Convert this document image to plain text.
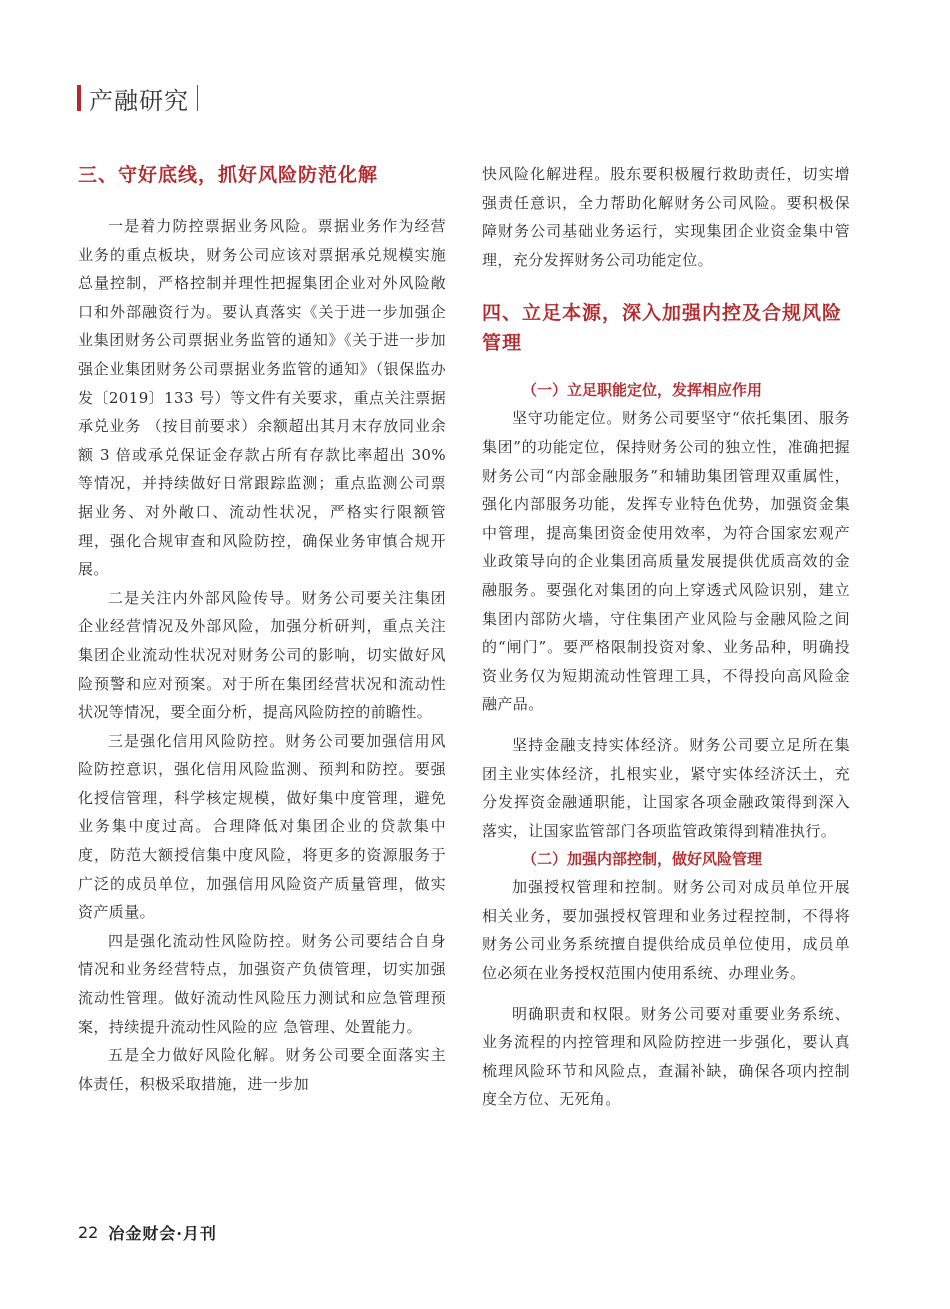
产融研究
三、守好底线，抓好风险防范化解

一是着力防控票据业务风险。票据业务作为经营业务的重点板块，财务公司应该对票据承兑规模实施总量控制，严格控制并理性把握集团企业对外风险敞口和外部融资行为。要认真落实《关于进一步加强企业集团财务公司票据业务监管的通知》《关于进一步加强企业集团财务公司票据业务监管的通知》（银保监办发〔2019〕133 号）等文件有关要求，重点关注票据承兑业务 （按目前要求）余额超出其月末存放同业余额 3 倍或承兑保证金存款占所有存款比率超出 30% 等情况，并持续做好日常跟踪监测；重点监测公司票据业务、对外敞口、流动性状况，严格实行限额管理，强化合规审查和风险防控，确保业务审慎合规开展。

二是关注内外部风险传导。财务公司要关注集团企业经营情况及外部风险，加强分析研判，重点关注集团企业流动性状况对财务公司的影响，切实做好风险预警和应对预案。对于所在集团经营状况和流动性状况等情况，要全面分析，提高风险防控的前瞻性。

三是强化信用风险防控。财务公司要加强信用风险防控意识，强化信用风险监测、预判和防控。要强化授信管理，科学核定规模，做好集中度管理，避免业务集中度过高。合理降低对集团企业的贷款集中度，防范大额授信集中度风险，将更多的资源服务于广泛的成员单位，加强信用风险资产质量管理，做实资产质量。

四是强化流动性风险防控。财务公司要结合自身情况和业务经营特点，加强资产负债管理，切实加强流动性管理。做好流动性风险压力测试和应急管理预案，持续提升流动性风险的应 急管理、处置能力。

五是全力做好风险化解。财务公司要全面落实主体责任，积极采取措施，进一步加

快风险化解进程。股东要积极履行救助责任，切实增强责任意识，全力帮助化解财务公司风险。要积极保障财务公司基础业务运行，实现集团企业资金集中管理，充分发挥财务公司功能定位。

四、立足本源，深入加强内控及合规风险管理
（一）立足职能定位，发挥相应作用

坚守功能定位。财务公司要坚守“依托集团、服务集团”的功能定位，保持财务公司的独立性，准确把握财务公司“内部金融服务”和辅助集团管理双重属性，强化内部服务功能，发挥专业特色优势，加强资金集中管理，提高集团资金使用效率，为符合国家宏观产业政策导向的企业集团高质量发展提供优质高效的金融服务。要强化对集团的向上穿透式风险识别，建立集团内部防火墙，守住集团产业风险与金融风险之间的“闸门”。要严格限制投资对象、业务品种，明确投资业务仅为短期流动性管理工具，不得投向高风险金融产品。

坚持金融支持实体经济。财务公司要立足所在集团主业实体经济，扎根实业，紧守实体经济沃土，充分发挥资金融通职能，让国家各项金融政策得到深入落实，让国家监管部门各项监管政策得到精准执行。

（二）加强内部控制，做好风险管理

加强授权管理和控制。财务公司对成员单位开展相关业务，要加强授权管理和业务过程控制，不得将财务公司业务系统擅自提供给成员单位使用，成员单位必须在业务授权范围内使用系统、办理业务。

明确职责和权限。财务公司要对重要业务系统、业务流程的内控管理和风险防控进一步强化，要认真梳理风险环节和风险点，查漏补缺，确保各项内控制度全方位、无死角。

22 冶金财会·月刊
